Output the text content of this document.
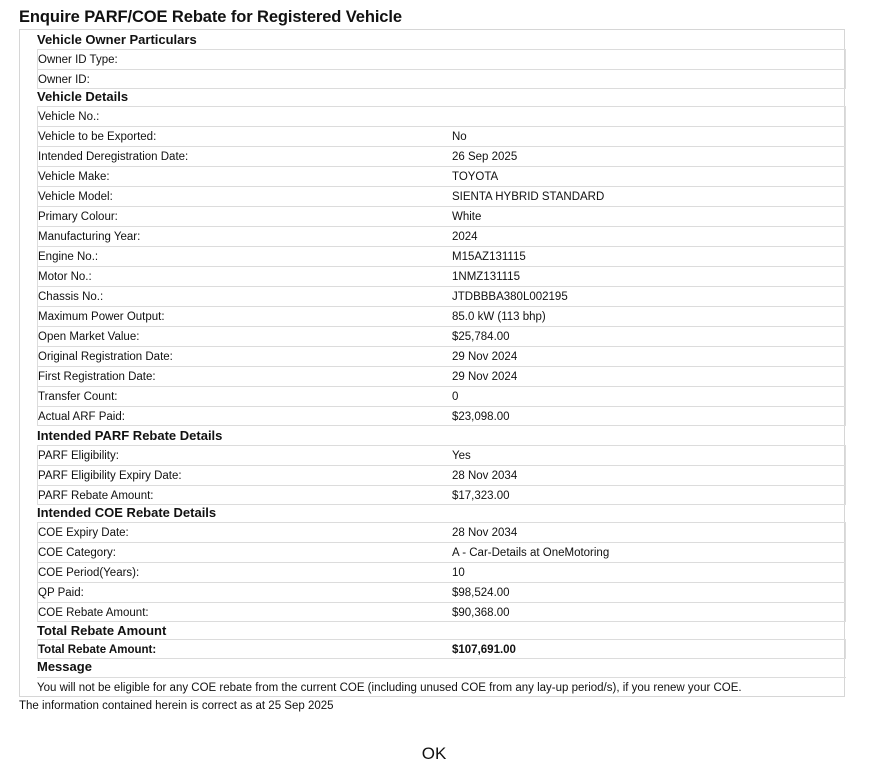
Enquire PARF/COE Rebate for Registered Vehicle
Vehicle Owner Particulars
Owner ID Type:
Owner ID:
Vehicle Details
Vehicle No.:
Vehicle to be Exported:	No
Intended Deregistration Date:	26 Sep 2025
Vehicle Make:	TOYOTA
Vehicle Model:	SIENTA HYBRID STANDARD
Primary Colour:	White
Manufacturing Year:	2024
Engine No.:	M15AZ131115
Motor No.:	1NMZ131115
Chassis No.:	JTDBBBA380L002195
Maximum Power Output:	85.0 kW (113 bhp)
Open Market Value:	$25,784.00
Original Registration Date:	29 Nov 2024
First Registration Date:	29 Nov 2024
Transfer Count:	0
Actual ARF Paid:	$23,098.00
Intended PARF Rebate Details
PARF Eligibility:	Yes
PARF Eligibility Expiry Date:	28 Nov 2034
PARF Rebate Amount:	$17,323.00
Intended COE Rebate Details
COE Expiry Date:	28 Nov 2034
COE Category:	A - Car-Details at OneMotoring
COE Period(Years):	10
QP Paid:	$98,524.00
COE Rebate Amount:	$90,368.00
Total Rebate Amount
Total Rebate Amount:	$107,691.00
Message
You will not be eligible for any COE rebate from the current COE (including unused COE from any lay-up period/s), if you renew your COE.
The information contained herein is correct as at 25 Sep 2025
OK
